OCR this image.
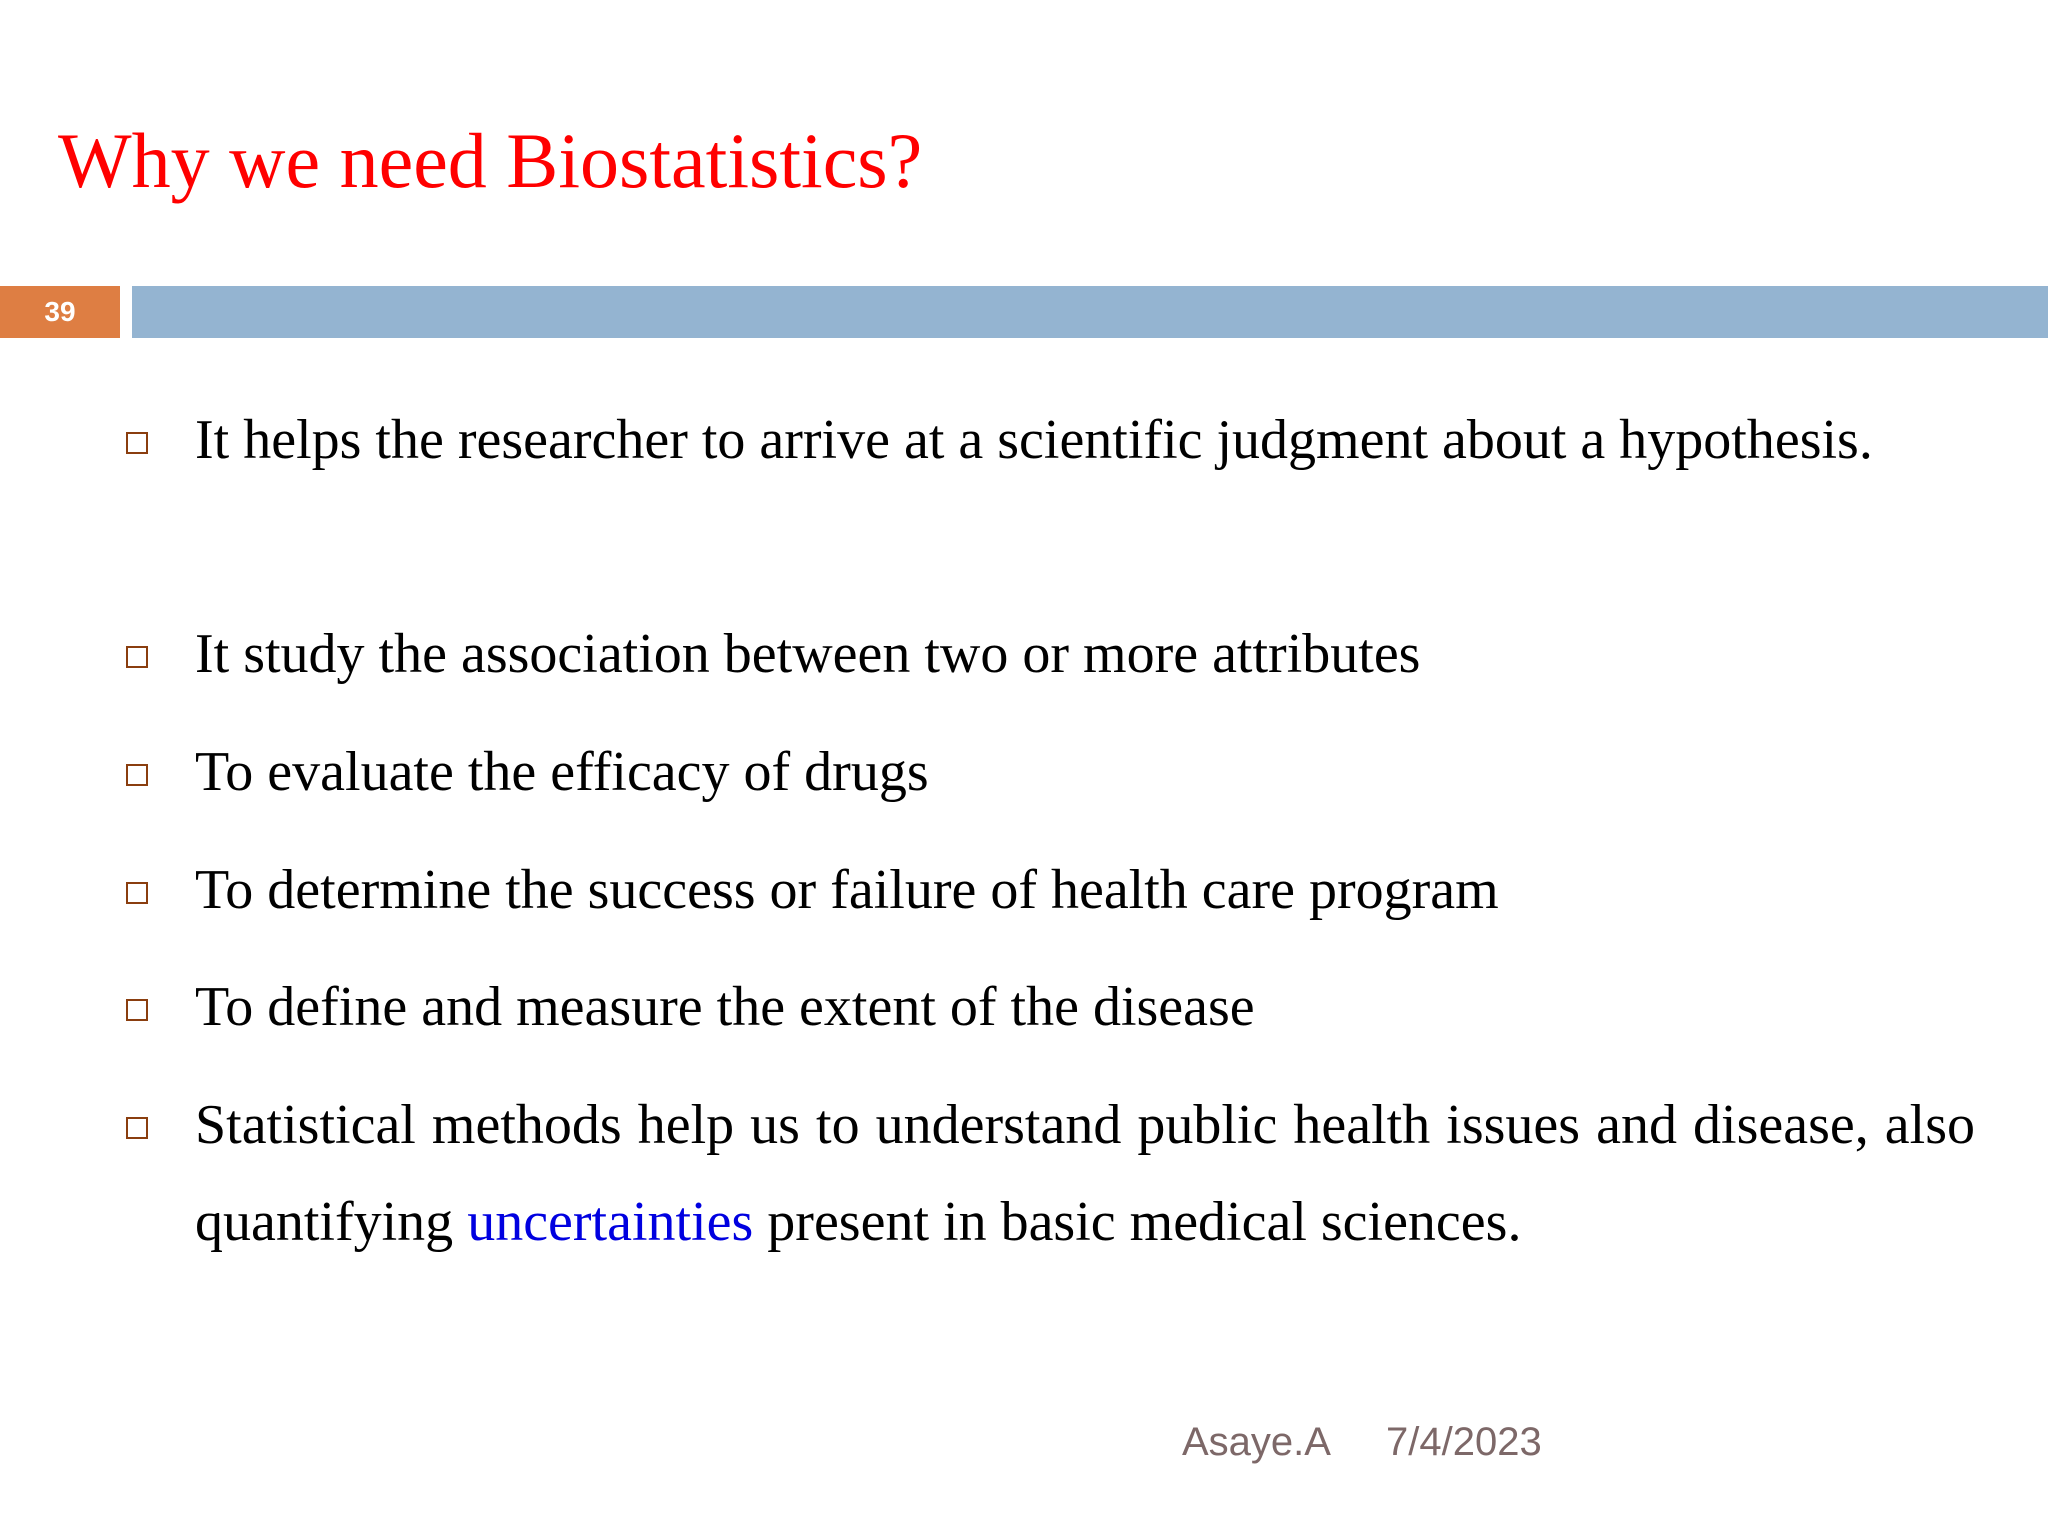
Why we need Biostatistics?
39
It helps the researcher to arrive at a scientific judgment about a hypothesis.
It study the association between two or more attributes
To evaluate the efficacy of drugs
To determine the success or failure of health care program
To define and measure the extent of the disease
Statistical methods help us to understand public health issues and disease, also quantifying uncertainties present in basic medical sciences.
Asaye.A 7/4/2023
